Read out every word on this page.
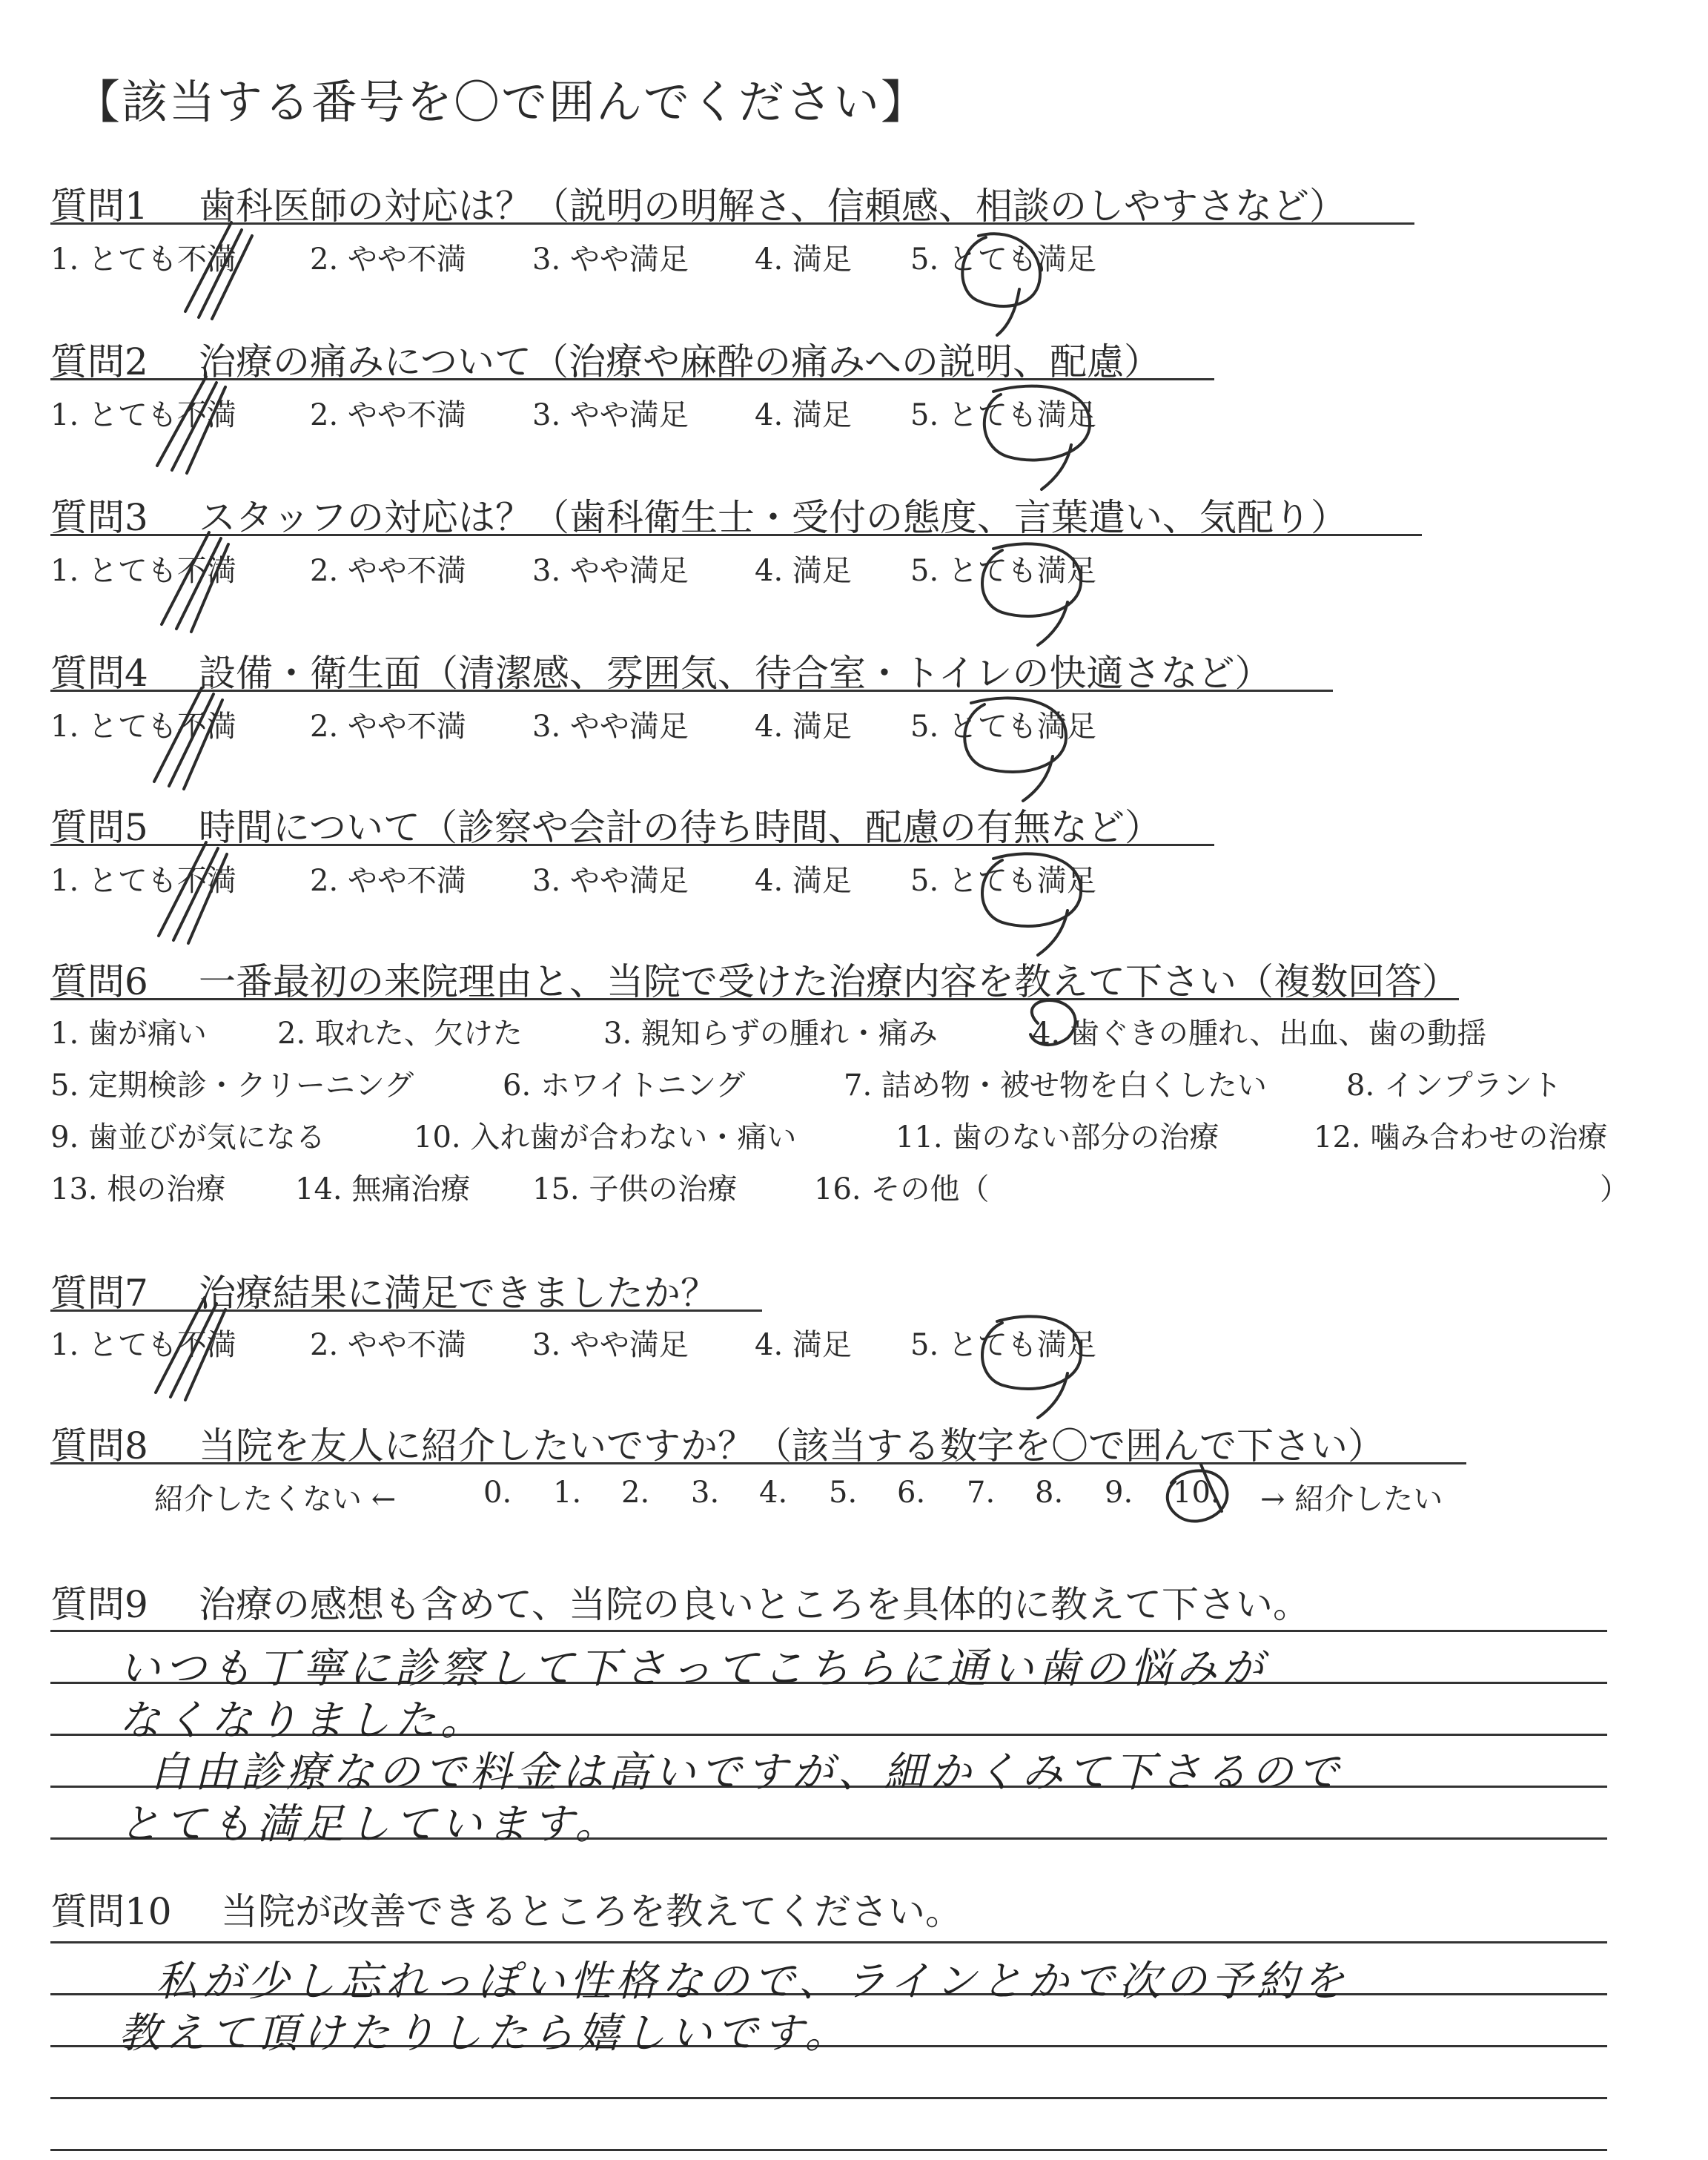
【該当する番号を〇で囲んでください】
質問1 歯科医師の対応は？（説明の明解さ、信頼感、相談のしやすさなど）
1. とても不満 2. やや不満 3. やや満足 4. 満足 5. とても満足
質問2 治療の痛みについて（治療や麻酔の痛みへの説明、配慮）
1. とても不満 2. やや不満 3. やや満足 4. 満足 5. とても満足
質問3 スタッフの対応は？（歯科衛生士・受付の態度、言葉遣い、気配り）
1. とても不満 2. やや不満 3. やや満足 4. 満足 5. とても満足
質問4 設備・衛生面（清潔感、雰囲気、待合室・トイレの快適さなど）
1. とても不満 2. やや不満 3. やや満足 4. 満足 5. とても満足
質問5 時間について（診察や会計の待ち時間、配慮の有無など）
1. とても不満 2. やや不満 3. やや満足 4. 満足 5. とても満足
質問6 一番最初の来院理由と、当院で受けた治療内容を教えて下さい（複数回答）
1. 歯が痛い 2. 取れた、欠けた	3. 親知らずの腫れ・痛み	4. 歯ぐきの腫れ、出血、歯の動揺
5. 定期検診・クリーニング	6. ホワイトニング	7. 詰め物・被せ物を白くしたい	8. インプラント
9. 歯並びが気になる	10. 入れ歯が合わない・痛い	11. 歯のない部分の治療	12. 噛み合わせの治療
13. 根の治療 14. 無痛治療 15. 子供の治療	16. その他（	）
質問7 治療結果に満足できましたか？
1. とても不満 2. やや不満 3. やや満足 4. 満足 5. とても満足
質問8 当院を友人に紹介したいですか？（該当する数字を〇で囲んで下さい）
紹介したくない ←	0. 1. 2. 3. 4. 5. 6. 7. 8. 9. 10. → 紹介したい
質問9 治療の感想も含めて、当院の良いところを具体的に教えて下さい。
いつも丁寧に診察して下さってこちらに通い歯の悩みが
なくなりました。
自由診療なので料金は高いですが、細かくみて下さるので
とても満足しています。
質問10 当院が改善できるところを教えてください。
私が少し忘れっぽい性格なので、ラインとかで次の予約を
教えて頂けたりしたら嬉しいです。
